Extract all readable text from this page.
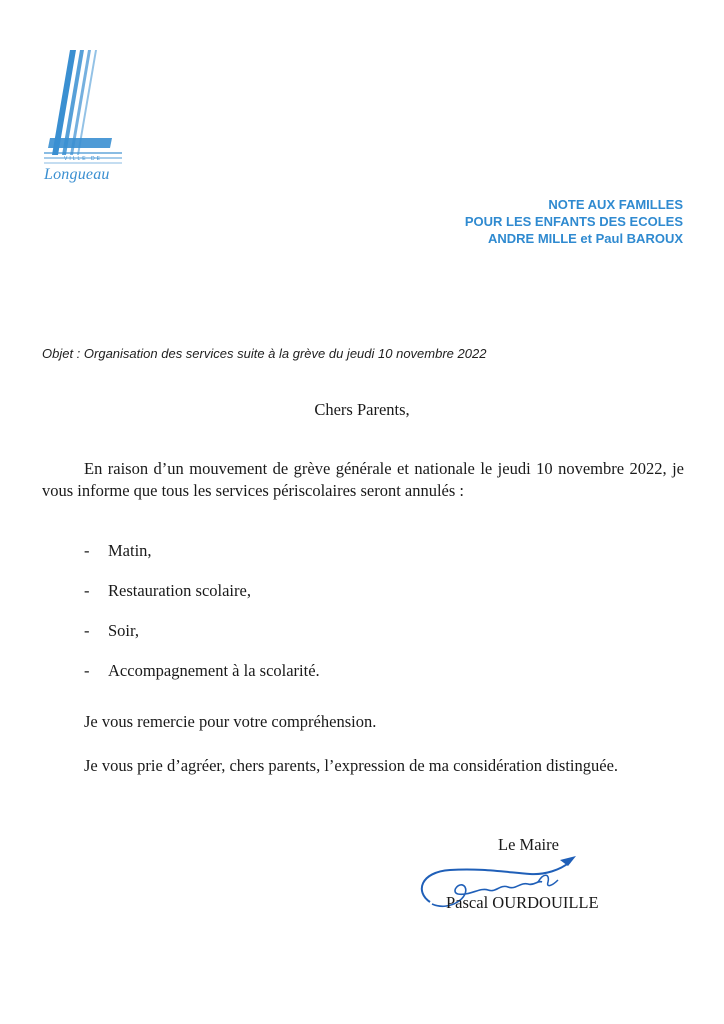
VILLE DE
Longueau
NOTE AUX FAMILLES
POUR LES ENFANTS DES ECOLES
ANDRE MILLE et Paul BAROUX
Objet : Organisation des services suite à la grève du jeudi 10 novembre 2022
Chers Parents,
En raison d’un mouvement de grève générale et nationale le jeudi 10 novembre 2022, je vous informe que tous les services périscolaires seront annulés :
-	Matin,
-	Restauration scolaire,
-	Soir,
-	Accompagnement à la scolarité.
Je vous remercie pour votre compréhension.
Je vous prie d’agréer, chers parents, l’expression de ma considération distinguée.
Le Maire
Pascal OURDOUILLE
